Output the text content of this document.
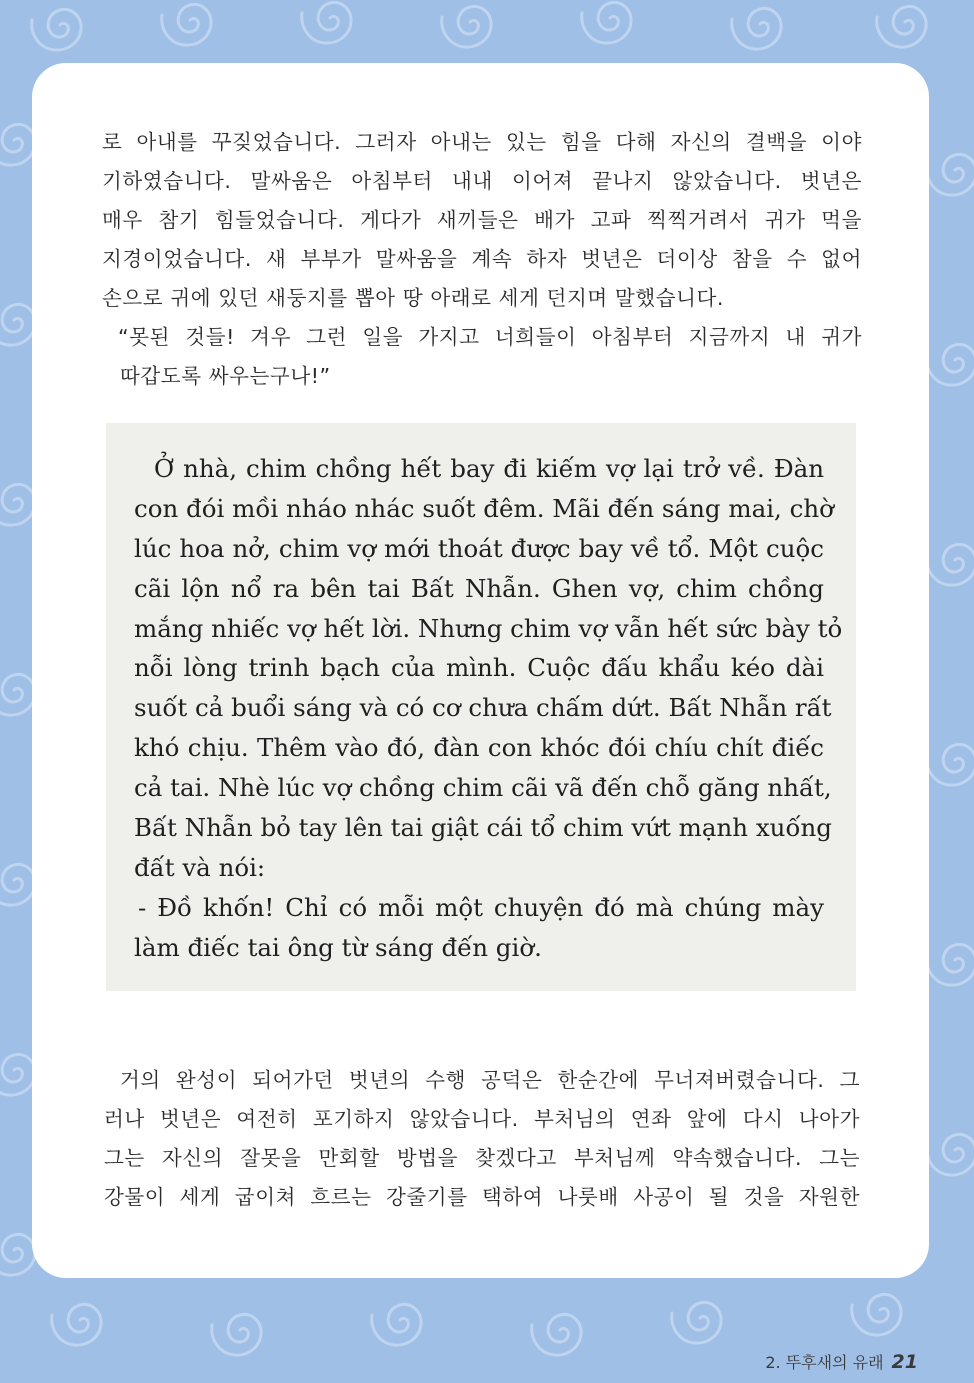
로 아내를 꾸짖었습니다. 그러자 아내는 있는 힘을 다해 자신의 결백을 이야
기하였습니다. 말싸움은 아침부터 내내 이어져 끝나지 않았습니다. 벗년은
매우 참기 힘들었습니다. 게다가 새끼들은 배가 고파 찍찍거려서 귀가 먹을
지경이었습니다. 새 부부가 말싸움을 계속 하자 벗년은 더이상 참을 수 없어
손으로 귀에 있던 새둥지를 뽑아 땅 아래로 세게 던지며 말했습니다.
“못된 것들! 겨우 그런 일을 가지고 너희들이 아침부터 지금까지 내 귀가
따갑도록 싸우는구나!”
Ở nhà, chim chồng hết bay đi kiếm vợ lại trở về. Đàn
con đói mồi nháo nhác suốt đêm. Mãi đến sáng mai, chờ
lúc hoa nở, chim vợ mới thoát được bay về tổ. Một cuộc
cãi lộn nổ ra bên tai Bất Nhẫn. Ghen vợ, chim chồng
mắng nhiếc vợ hết lời. Nhưng chim vợ vẫn hết sức bày tỏ
nỗi lòng trinh bạch của mình. Cuộc đấu khẩu kéo dài
suốt cả buổi sáng và có cơ chưa chấm dứt. Bất Nhẫn rất
khó chịu. Thêm vào đó, đàn con khóc đói chíu chít điếc
cả tai. Nhè lúc vợ chồng chim cãi vã đến chỗ găng nhất,
Bất Nhẫn bỏ tay lên tai giật cái tổ chim vứt mạnh xuống
đất và nói:
- Đồ khốn! Chỉ có mỗi một chuyện đó mà chúng mày
làm điếc tai ông từ sáng đến giờ.
거의 완성이 되어가던 벗년의 수행 공덕은 한순간에 무너져버렸습니다. 그
러나 벗년은 여전히 포기하지 않았습니다. 부처님의 연좌 앞에 다시 나아가
그는 자신의 잘못을 만회할 방법을 찾겠다고 부처님께 약속했습니다. 그는
강물이 세게 굽이쳐 흐르는 강줄기를 택하여 나룻배 사공이 될 것을 자원한
2. 뚜후새의 유래 21
